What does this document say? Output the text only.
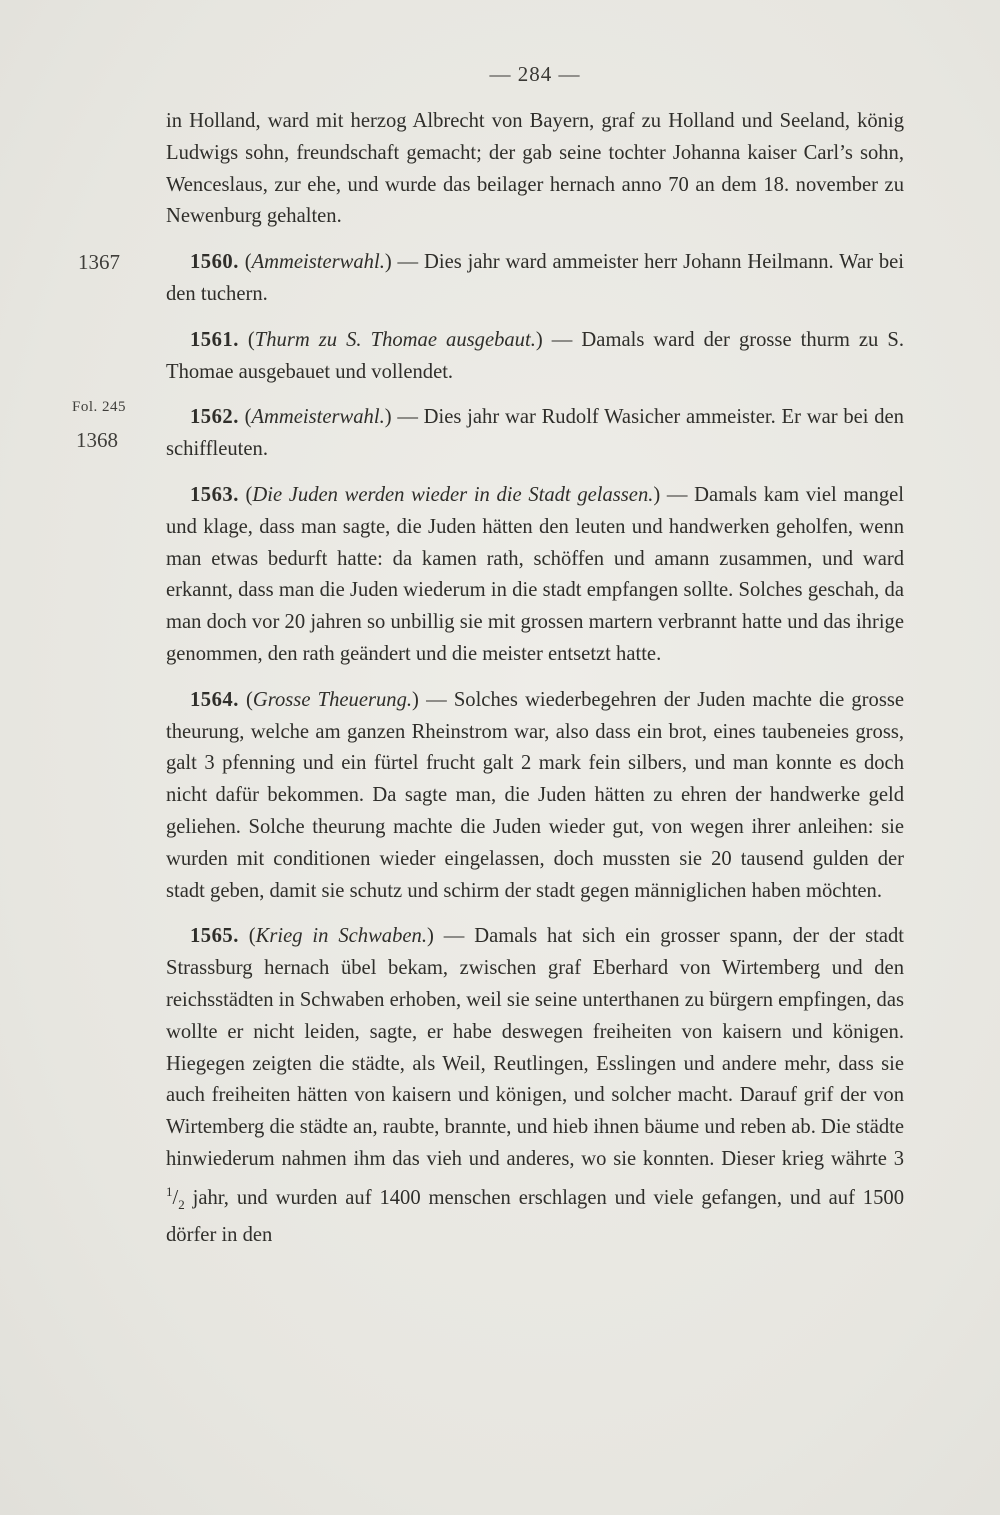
— 284 —
1367
Fol. 245
1368

in Holland, ward mit herzog Albrecht von Bayern, graf zu Holland und Seeland, könig Ludwigs sohn, freundschaft gemacht; der gab seine tochter Johanna kaiser Carl’s sohn, Wenceslaus, zur ehe, und wurde das beilager hernach anno 70 an dem 18. november zu Newenburg gehalten.

1560. (Ammeisterwahl.) — Dies jahr ward ammeister herr Johann Heilmann. War bei den tuchern.

1561. (Thurm zu S. Thomae ausgebaut.) — Damals ward der grosse thurm zu S. Thomae ausgebauet und vollendet.

1562. (Ammeisterwahl.) — Dies jahr war Rudolf Wasicher ammeister. Er war bei den schiffleuten.

1563. (Die Juden werden wieder in die Stadt gelassen.) — Damals kam viel mangel und klage, dass man sagte, die Juden hätten den leuten und handwerken geholfen, wenn man etwas bedurft hatte: da kamen rath, schöffen und amann zusammen, und ward erkannt, dass man die Juden wiederum in die stadt empfangen sollte. Solches geschah, da man doch vor 20 jahren so unbillig sie mit grossen martern verbrannt hatte und das ihrige genommen, den rath geändert und die meister entsetzt hatte.

1564. (Grosse Theuerung.) — Solches wiederbegehren der Juden machte die grosse theurung, welche am ganzen Rheinstrom war, also dass ein brot, eines taubeneies gross, galt 3 pfenning und ein fürtel frucht galt 2 mark fein silbers, und man konnte es doch nicht dafür bekommen. Da sagte man, die Juden hätten zu ehren der handwerke geld geliehen. Solche theurung machte die Juden wieder gut, von wegen ihrer anleihen: sie wurden mit conditionen wieder eingelassen, doch mussten sie 20 tausend gulden der stadt geben, damit sie schutz und schirm der stadt gegen männiglichen haben möchten.

1565. (Krieg in Schwaben.) — Damals hat sich ein grosser spann, der der stadt Strassburg hernach übel bekam, zwischen graf Eberhard von Wirtemberg und den reichsstädten in Schwaben erhoben, weil sie seine unterthanen zu bürgern empfingen, das wollte er nicht leiden, sagte, er habe deswegen freiheiten von kaisern und königen. Hiegegen zeigten die städte, als Weil, Reutlingen, Esslingen und andere mehr, dass sie auch freiheiten hätten von kaisern und königen, und solcher macht. Darauf grif der von Wirtemberg die städte an, raubte, brannte, und hieb ihnen bäume und reben ab. Die städte hinwiederum nahmen ihm das vieh und anderes, wo sie konnten. Dieser krieg währte 3 $^1/_2$ jahr, und wurden auf 1400 menschen erschlagen und viele gefangen, und auf 1500 dörfer in den
